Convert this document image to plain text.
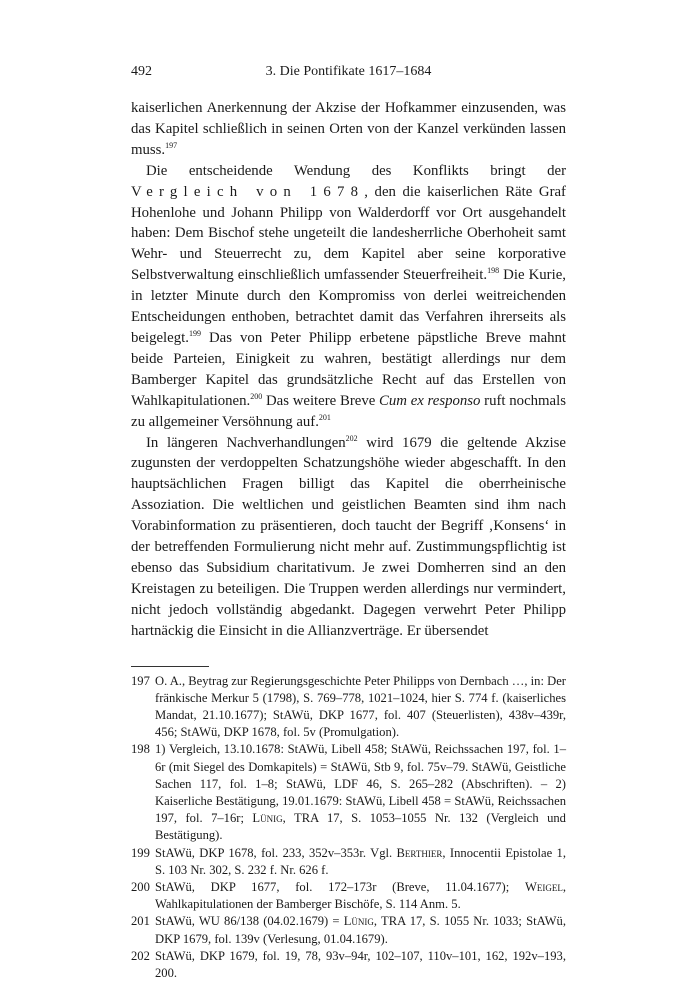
492	3. Die Pontifikate 1617–1684

kaiserlichen Anerkennung der Akzise der Hofkammer einzusenden, was das Kapitel schließlich in seinen Orten von der Kanzel verkünden lassen muss.$^{197}$

Die entscheidende Wendung des Konflikts bringt der Vergleich von 1678, den die kaiserlichen Räte Graf Hohenlohe und Johann Philipp von Walderdorff vor Ort ausgehandelt haben: Dem Bischof stehe ungeteilt die landesherrliche Oberhoheit samt Wehr- und Steuerrecht zu, dem Kapitel aber seine korporative Selbstverwaltung einschließlich umfassender Steuerfreiheit.$^{198}$ Die Kurie, in letzter Minute durch den Kompromiss von derlei weitreichenden Entscheidungen enthoben, betrachtet damit das Verfahren ihrerseits als beigelegt.$^{199}$ Das von Peter Philipp erbetene päpstliche Breve mahnt beide Parteien, Einigkeit zu wahren, bestätigt allerdings nur dem Bamberger Kapitel das grundsätzliche Recht auf das Erstellen von Wahlkapitulationen.$^{200}$ Das weitere Breve Cum ex responso ruft nochmals zu allgemeiner Versöhnung auf.$^{201}$

In längeren Nachverhandlungen$^{202}$ wird 1679 die geltende Akzise zugunsten der verdoppelten Schatzungshöhe wieder abgeschafft. In den hauptsächlichen Fragen billigt das Kapitel die oberrheinische Assoziation. Die weltlichen und geistlichen Beamten sind ihm nach Vorabinformation zu präsentieren, doch taucht der Begriff ‚Konsens‘ in der betreffenden Formulierung nicht mehr auf. Zustimmungspflichtig ist ebenso das Subsidium charitativum. Je zwei Domherren sind an den Kreistagen zu beteiligen. Die Truppen werden allerdings nur vermindert, nicht jedoch vollständig abgedankt. Dagegen verwehrt Peter Philipp hartnäckig die Einsicht in die Allianzverträge. Er übersendet

197 O. A., Beytrag zur Regierungsgeschichte Peter Philipps von Dernbach …, in: Der fränkische Merkur 5 (1798), S. 769–778, 1021–1024, hier S. 774 f. (kaiserliches Mandat, 21.10.1677); StAWü, DKP 1677, fol. 407 (Steuerlisten), 438v–439r, 456; StAWü, DKP 1678, fol. 5v (Promulgation).
198 1) Vergleich, 13.10.1678: StAWü, Libell 458; StAWü, Reichssachen 197, fol. 1–6r (mit Siegel des Domkapitels) = StAWü, Stb 9, fol. 75v–79. StAWü, Geistliche Sachen 117, fol. 1–8; StAWü, LDF 46, S. 265–282 (Abschriften). – 2) Kaiserliche Bestätigung, 19.01.1679: StAWü, Libell 458 = StAWü, Reichssachen 197, fol. 7–16r; Lünig, TRA 17, S. 1053–1055 Nr. 132 (Vergleich und Bestätigung).
199 StAWü, DKP 1678, fol. 233, 352v–353r. Vgl. Berthier, Innocentii Epistolae 1, S. 103 Nr. 302, S. 232 f. Nr. 626 f.
200 StAWü, DKP 1677, fol. 172–173r (Breve, 11.04.1677); Weigel, Wahlkapitulationen der Bamberger Bischöfe, S. 114 Anm. 5.
201 StAWü, WU 86/138 (04.02.1679) = Lünig, TRA 17, S. 1055 Nr. 1033; StAWü, DKP 1679, fol. 139v (Verlesung, 01.04.1679).
202 StAWü, DKP 1679, fol. 19, 78, 93v–94r, 102–107, 110v–101, 162, 192v–193, 200.
